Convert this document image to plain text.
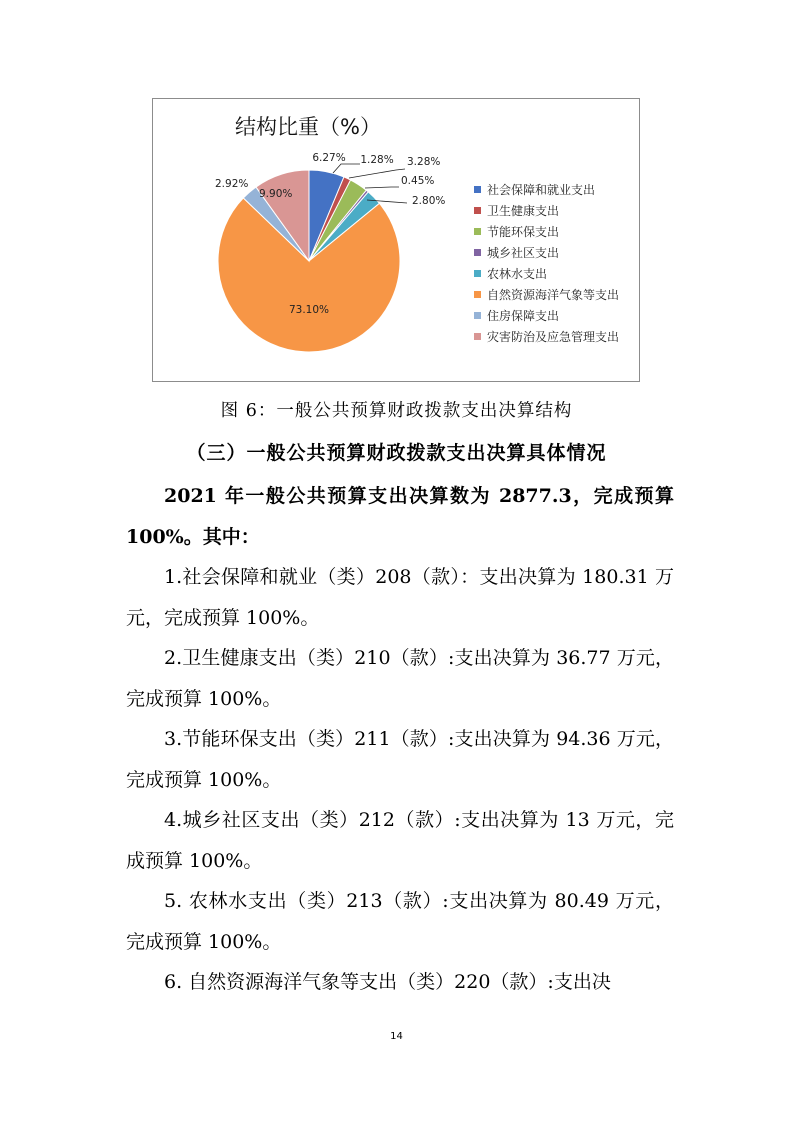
结构比重（%）
6.27% 1.28% 3.28%
0.45%
2.80%
73.10%
2.92%
9.90%	社会保障和就业支出
卫生健康支出
节能环保支出
城乡社区支出
农林水支出
自然资源海洋气象等支出
住房保障支出
灾害防治及应急管理支出
图 6：一般公共预算财政拨款支出决算结构
（三）一般公共预算财政拨款支出决算具体情况

2021 年一般公共预算支出决算数为 2877.3，完成预算100%。其中：

1.社会保障和就业（类）208（款）：支出决算为 180.31 万元，完成预算 100%。

2.卫生健康支出（类）210（款）:支出决算为 36.77 万元，完成预算 100%。

3.节能环保支出（类）211（款）:支出决算为 94.36 万元，完成预算 100%。

4.城乡社区支出（类）212（款）:支出决算为 13 万元，完成预算 100%。

5. 农林水支出（类）213（款）:支出决算为 80.49 万元，完成预算 100%。

6. 自然资源海洋气象等支出（类）220（款）:支出决

14
